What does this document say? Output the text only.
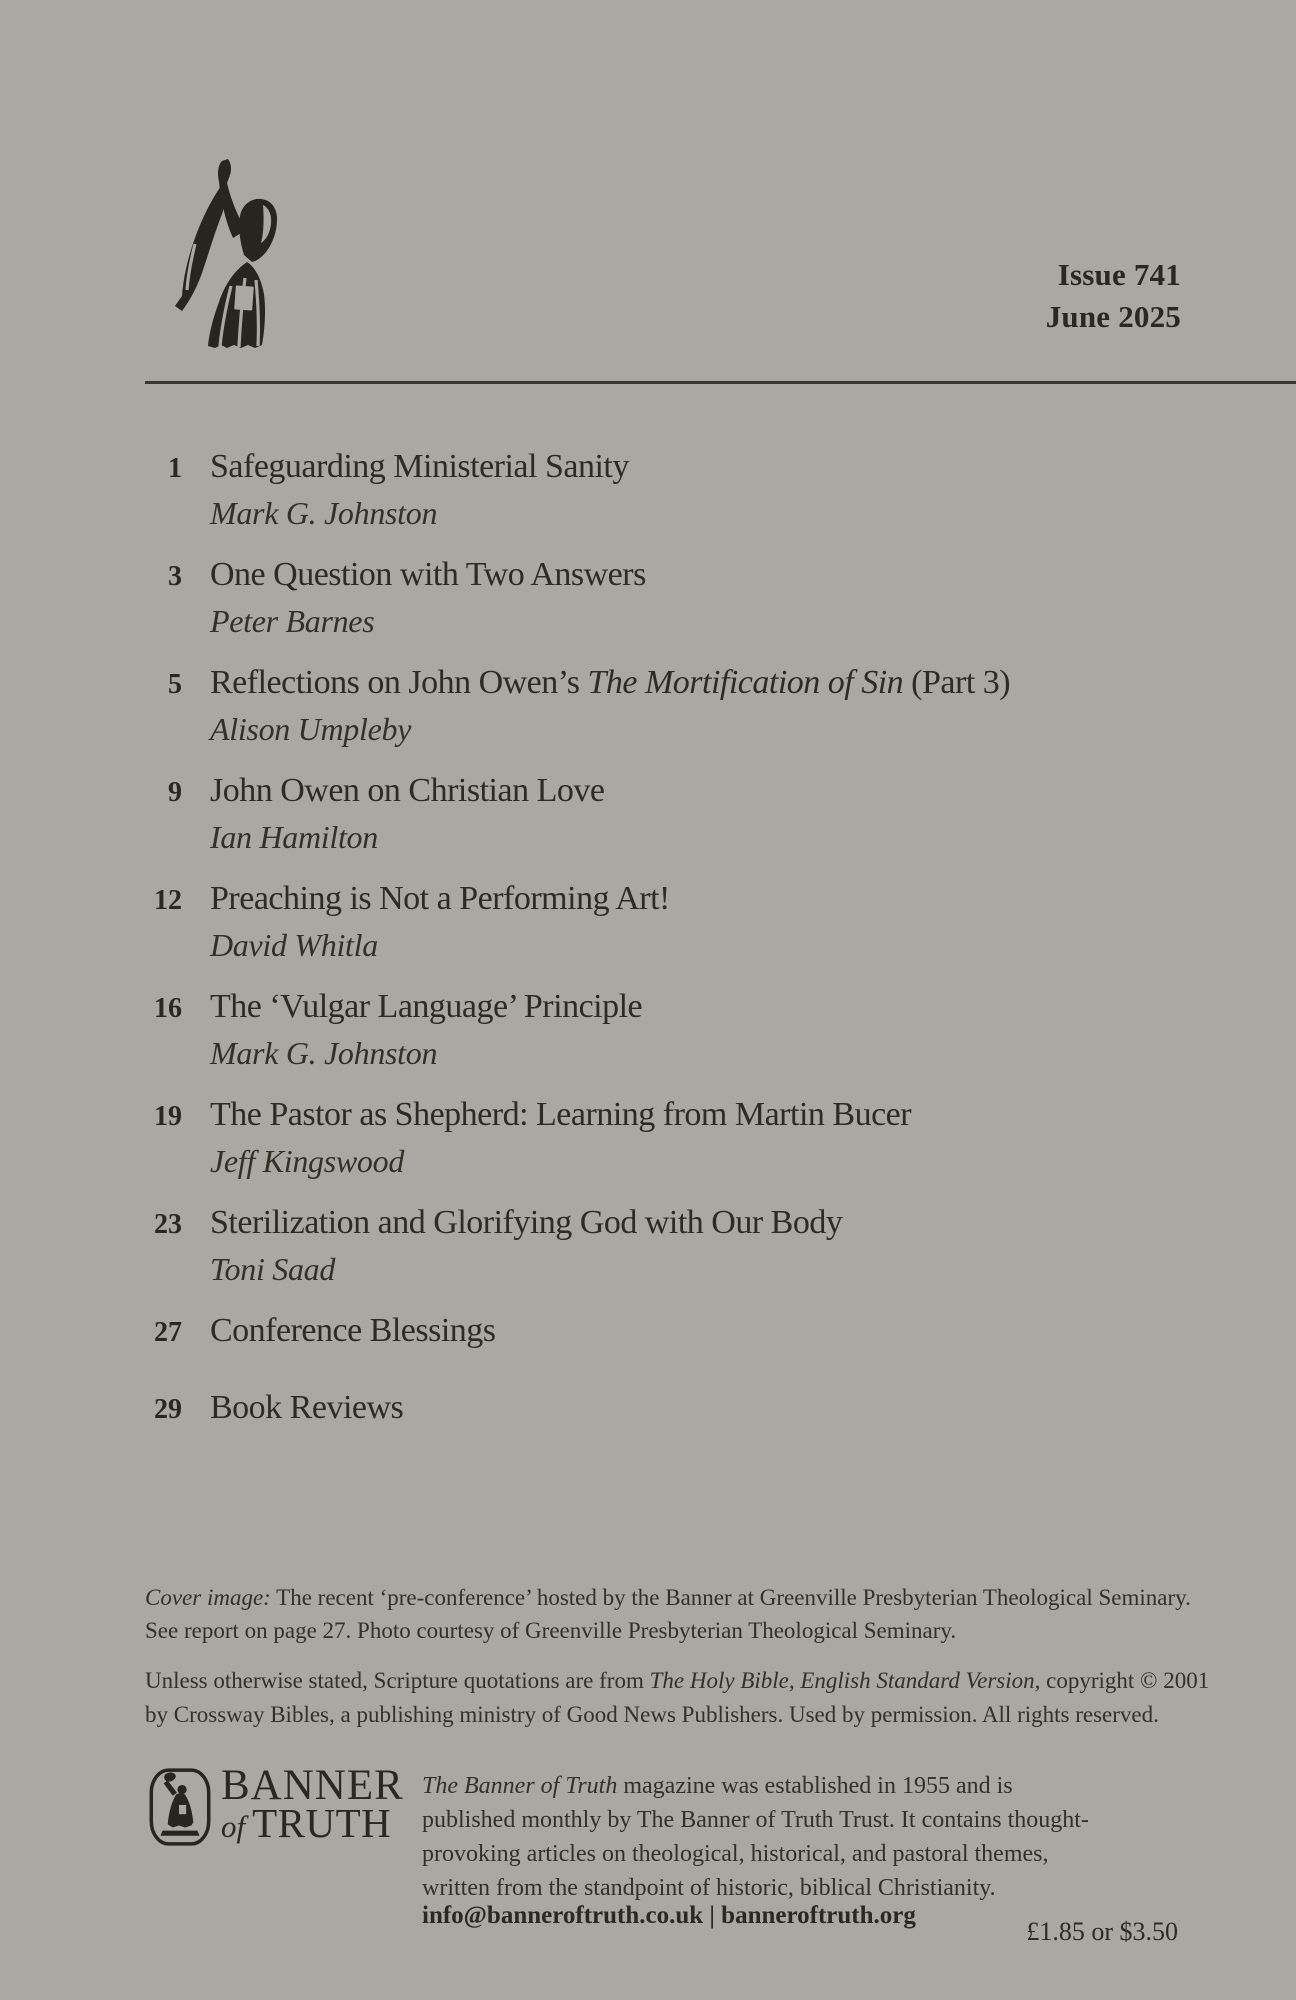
Issue 741
June 2025
1 Safeguarding Ministerial Sanity
Mark G. Johnston
3 One Question with Two Answers
Peter Barnes
5 Reflections on John Owen’s The Mortification of Sin (Part 3)
Alison Umpleby
9 John Owen on Christian Love
Ian Hamilton
12 Preaching is Not a Performing Art!
David Whitla
16 The ‘Vulgar Language’ Principle
Mark G. Johnston
19 The Pastor as Shepherd: Learning from Martin Bucer
Jeff Kingswood
23 Sterilization and Glorifying God with Our Body
Toni Saad
27 Conference Blessings
29 Book Reviews
Cover image: The recent ‘pre-conference’ hosted by the Banner at Greenville Presbyterian Theological Seminary.
See report on page 27. Photo courtesy of Greenville Presbyterian Theological Seminary.
Unless otherwise stated, Scripture quotations are from The Holy Bible, English Standard Version, copyright © 2001
by Crossway Bibles, a publishing ministry of Good News Publishers. Used by permission. All rights reserved.
BANNER
of TRUTH
The Banner of Truth magazine was established in 1955 and is
published monthly by The Banner of Truth Trust. It contains thought-
provoking articles on theological, historical, and pastoral themes,
written from the standpoint of historic, biblical Christianity.
info@banneroftruth.co.uk | banneroftruth.org
£1.85 or $3.50
